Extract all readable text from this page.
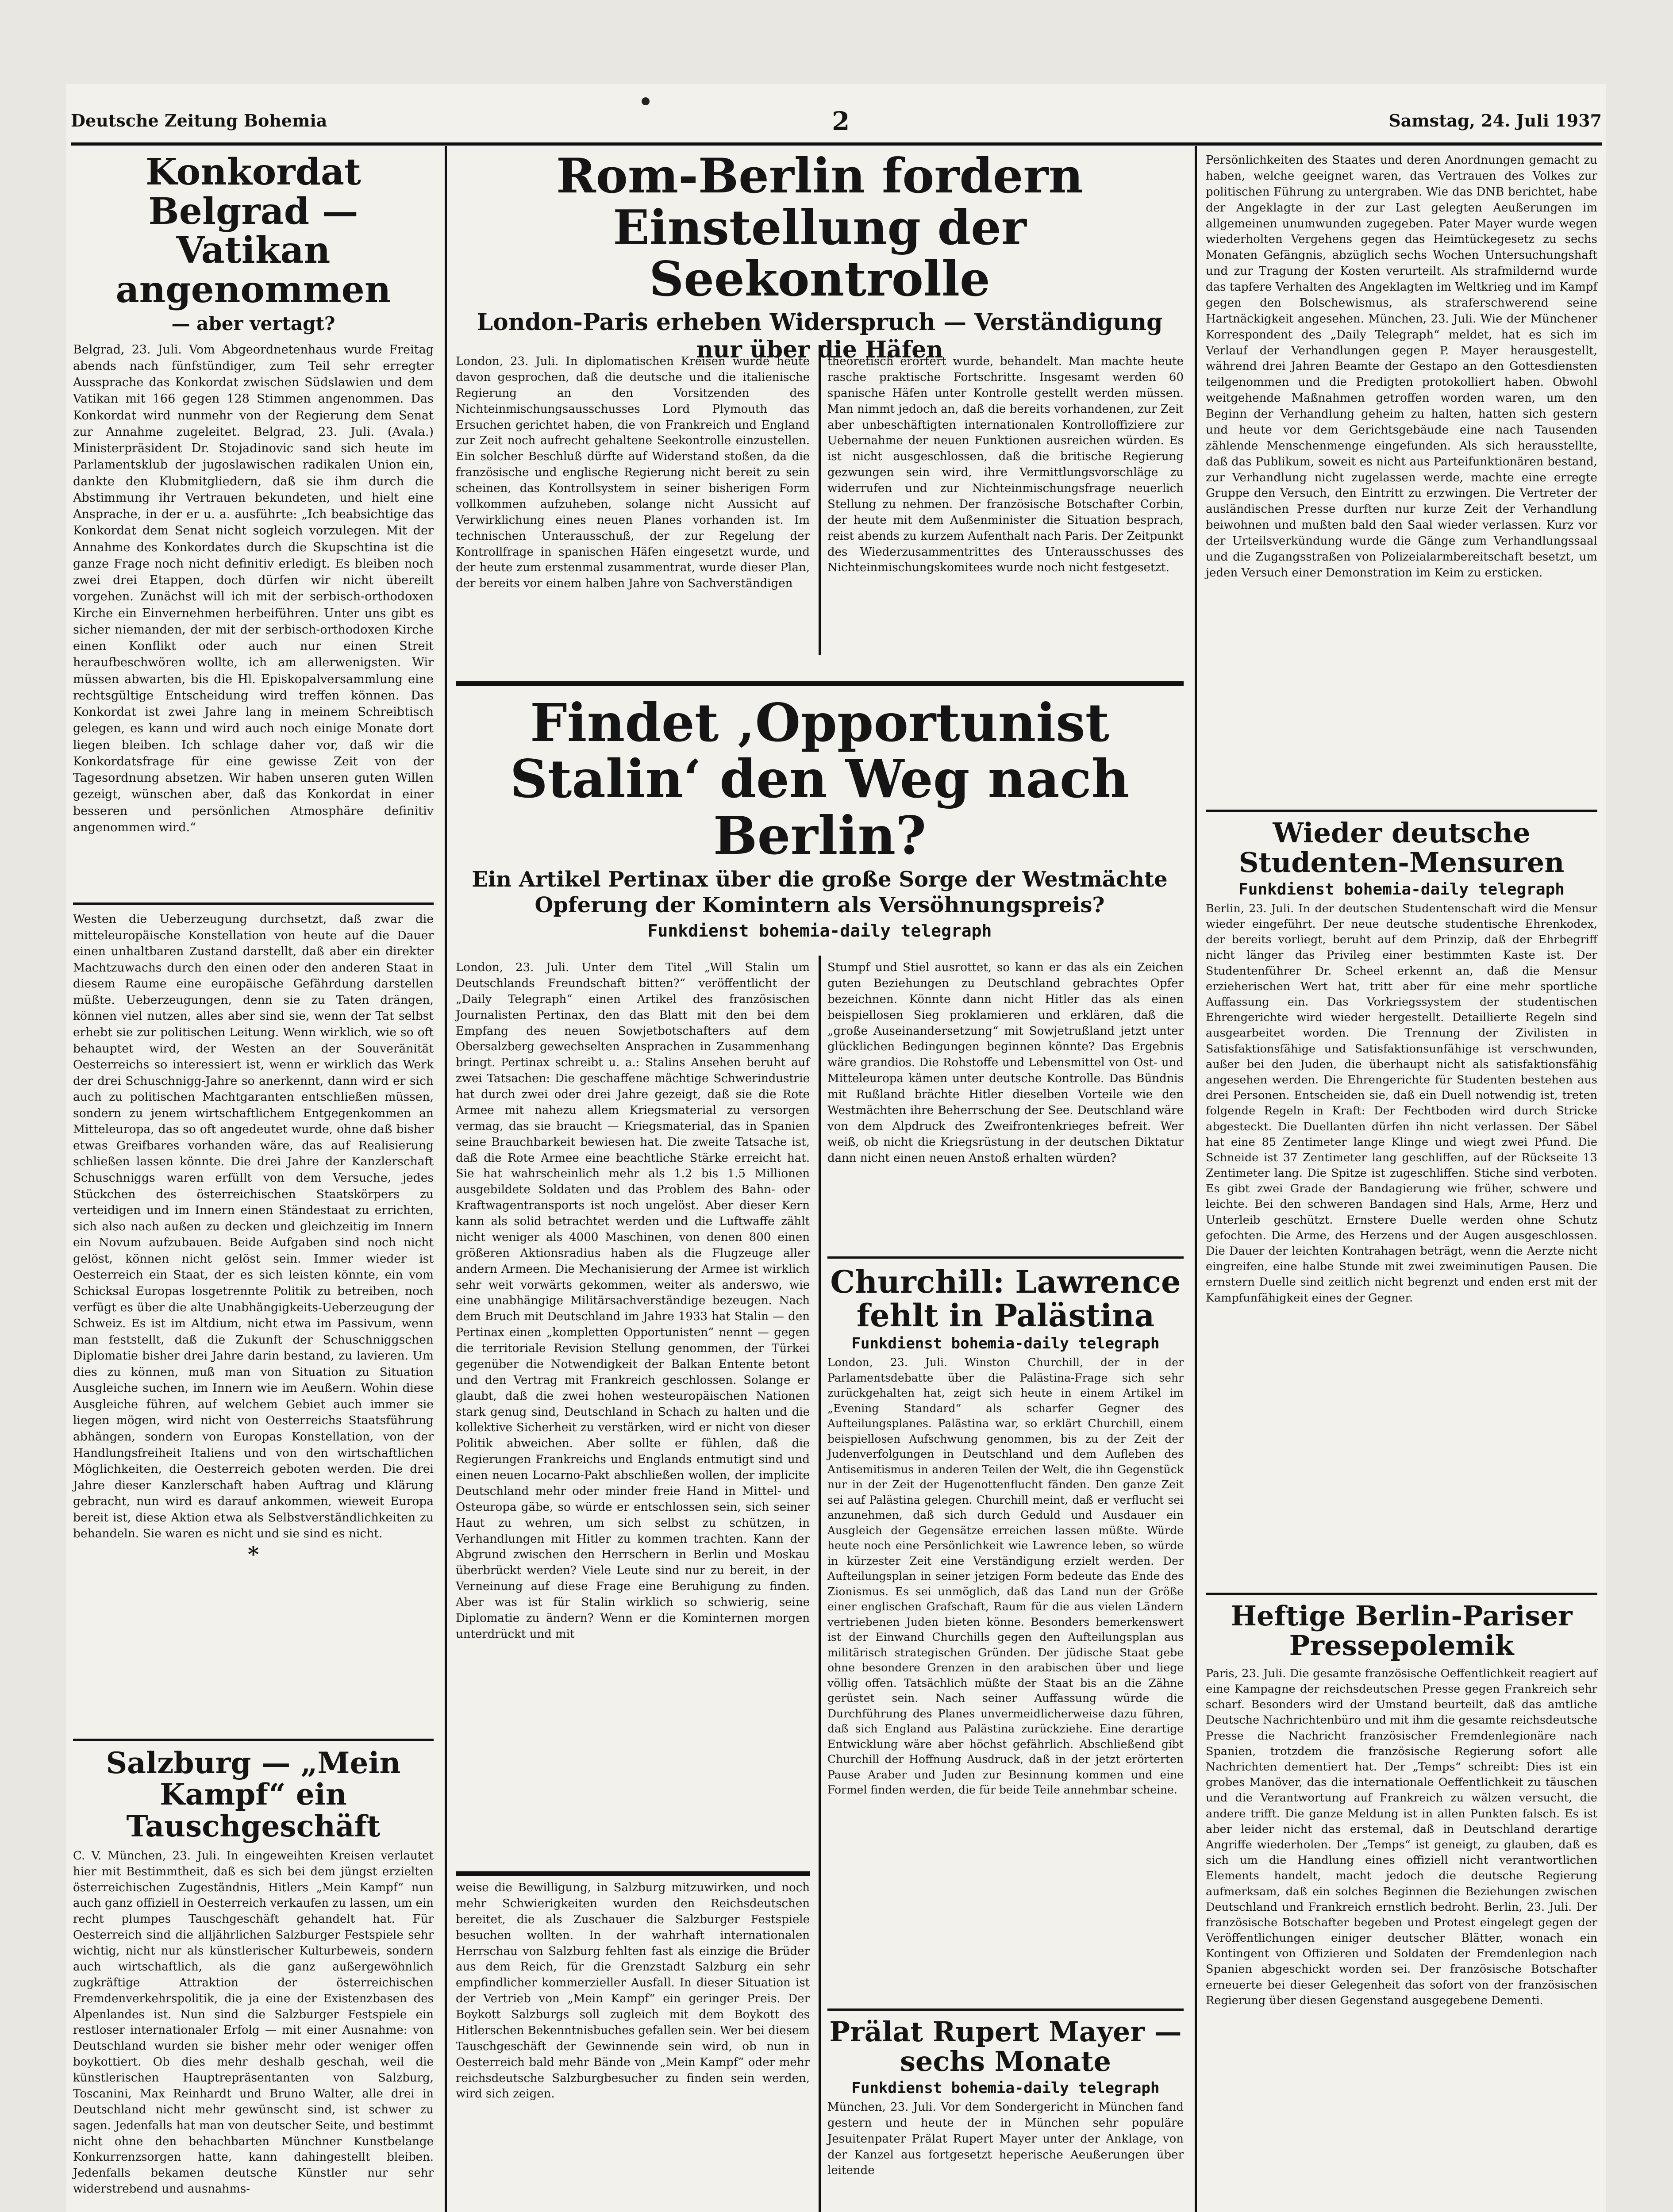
Deutsche Zeitung Bohemia	2	Samstag, 24. Juli 1937
Konkordat Belgrad — Vatikan angenommen
— aber vertagt?

Belgrad, 23. Juli. Vom Abgeordnetenhaus wurde Freitag abends nach fünfstündiger, zum Teil sehr erregter Aussprache das Konkordat zwischen Südslawien und dem Vatikan mit 166 gegen 128 Stimmen angenommen. Das Konkordat wird nunmehr von der Regierung dem Senat zur Annahme zugeleitet. Belgrad, 23. Juli. (Avala.) Ministerpräsident Dr. Stojadinovic sand sich heute im Parlamentsklub der jugoslawischen radikalen Union ein, dankte den Klubmitgliedern, daß sie ihm durch die Abstimmung ihr Vertrauen bekundeten, und hielt eine Ansprache, in der er u. a. ausführte: „Ich beabsichtige das Konkordat dem Senat nicht sogleich vorzulegen. Mit der Annahme des Konkordates durch die Skupschtina ist die ganze Frage noch nicht definitiv erledigt. Es bleiben noch zwei drei Etappen, doch dürfen wir nicht übereilt vorgehen. Zunächst will ich mit der serbisch-orthodoxen Kirche ein Einvernehmen herbeiführen. Unter uns gibt es sicher niemanden, der mit der serbisch-orthodoxen Kirche einen Konflikt oder auch nur einen Streit heraufbeschwören wollte, ich am allerwenigsten. Wir müssen abwarten, bis die Hl. Episkopalversammlung eine rechtsgültige Entscheidung wird treffen können. Das Konkordat ist zwei Jahre lang in meinem Schreibtisch gelegen, es kann und wird auch noch einige Monate dort liegen bleiben. Ich schlage daher vor, daß wir die Konkordatsfrage für eine gewisse Zeit von der Tagesordnung absetzen. Wir haben unseren guten Willen gezeigt, wünschen aber, daß das Konkordat in einer besseren und persönlichen Atmosphäre definitiv angenommen wird.“

Westen die Ueberzeugung durchsetzt, daß zwar die mitteleuropäische Konstellation von heute auf die Dauer einen unhaltbaren Zustand darstellt, daß aber ein direkter Machtzuwachs durch den einen oder den anderen Staat in diesem Raume eine europäische Gefährdung darstellen müßte. Ueberzeugungen, denn sie zu Taten drängen, können viel nutzen, alles aber sind sie, wenn der Tat selbst erhebt sie zur politischen Leitung. Wenn wirklich, wie so oft behauptet wird, der Westen an der Souveränität Oesterreichs so interessiert ist, wenn er wirklich das Werk der drei Schuschnigg-Jahre so anerkennt, dann wird er sich auch zu politischen Machtgaranten entschließen müssen, sondern zu jenem wirtschaftlichem Entgegenkommen an Mitteleuropa, das so oft angedeutet wurde, ohne daß bisher etwas Greifbares vorhanden wäre, das auf Realisierung schließen lassen könnte. Die drei Jahre der Kanzlerschaft Schuschniggs waren erfüllt von dem Versuche, jedes Stückchen des österreichischen Staatskörpers zu verteidigen und im Innern einen Ständestaat zu errichten, sich also nach außen zu decken und gleichzeitig im Innern ein Novum aufzubauen. Beide Aufgaben sind noch nicht gelöst, können nicht gelöst sein. Immer wieder ist Oesterreich ein Staat, der es sich leisten könnte, ein vom Schicksal Europas losgetrennte Politik zu betreiben, noch verfügt es über die alte Unabhängigkeits-Ueberzeugung der Schweiz. Es ist im Altdium, nicht etwa im Passivum, wenn man feststellt, daß die Zukunft der Schuschniggschen Diplomatie bisher drei Jahre darin bestand, zu lavieren. Um dies zu können, muß man von Situation zu Situation Ausgleiche suchen, im Innern wie im Aeußern. Wohin diese Ausgleiche führen, auf welchem Gebiet auch immer sie liegen mögen, wird nicht von Oesterreichs Staatsführung abhängen, sondern von Europas Konstellation, von der Handlungsfreiheit Italiens und von den wirtschaftlichen Möglichkeiten, die Oesterreich geboten werden. Die drei Jahre dieser Kanzlerschaft haben Auftrag und Klärung gebracht, nun wird es darauf ankommen, wieweit Europa bereit ist, diese Aktion etwa als Selbstverständlichkeiten zu behandeln. Sie waren es nicht und sie sind es nicht.

*
Salzburg — „Mein Kampf“ ein Tauschgeschäft

C. V. München, 23. Juli. In eingeweihten Kreisen verlautet hier mit Bestimmtheit, daß es sich bei dem jüngst erzielten österreichischen Zugeständnis, Hitlers „Mein Kampf“ nun auch ganz offiziell in Oesterreich verkaufen zu lassen, um ein recht plumpes Tauschgeschäft gehandelt hat. Für Oesterreich sind die alljährlichen Salzburger Festspiele sehr wichtig, nicht nur als künstlerischer Kulturbeweis, sondern auch wirtschaftlich, als die ganz außergewöhnlich zugkräftige Attraktion der österreichischen Fremdenverkehrspolitik, die ja eine der Existenzbasen des Alpenlandes ist. Nun sind die Salzburger Festspiele ein restloser internationaler Erfolg — mit einer Ausnahme: von Deutschland wurden sie bisher mehr oder weniger offen boykottiert. Ob dies mehr deshalb geschah, weil die künstlerischen Hauptrepräsentanten von Salzburg, Toscanini, Max Reinhardt und Bruno Walter, alle drei in Deutschland nicht mehr gewünscht sind, ist schwer zu sagen. Jedenfalls hat man von deutscher Seite, und bestimmt nicht ohne den behachbarten Münchner Kunstbelange Konkurrenzsorgen hatte, kann dahingestellt bleiben. Jedenfalls bekamen deutsche Künstler nur sehr widerstrebend und ausnahms-

Rom-Berlin fordern Einstellung der Seekontrolle
London-Paris erheben Widerspruch — Verständigung nur über die Häfen

London, 23. Juli. In diplomatischen Kreisen wurde heute davon gesprochen, daß die deutsche und die italienische Regierung an den Vorsitzenden des Nichteinmischungsausschusses Lord Plymouth das Ersuchen gerichtet haben, die von Frankreich und England zur Zeit noch aufrecht gehaltene Seekontrolle einzustellen. Ein solcher Beschluß dürfte auf Widerstand stoßen, da die französische und englische Regierung nicht bereit zu sein scheinen, das Kontrollsystem in seiner bisherigen Form vollkommen aufzuheben, solange nicht Aussicht auf Verwirklichung eines neuen Planes vorhanden ist. Im technischen Unterausschuß, der zur Regelung der Kontrollfrage in spanischen Häfen eingesetzt wurde, und der heute zum erstenmal zusammentrat, wurde dieser Plan, der bereits vor einem halben Jahre von Sachverständigen

theoretisch erörtert wurde, behandelt. Man machte heute rasche praktische Fortschritte. Insgesamt werden 60 spanische Häfen unter Kontrolle gestellt werden müssen. Man nimmt jedoch an, daß die bereits vorhandenen, zur Zeit aber unbeschäftigten internationalen Kontrolloffiziere zur Uebernahme der neuen Funktionen ausreichen würden. Es ist nicht ausgeschlossen, daß die britische Regierung gezwungen sein wird, ihre Vermittlungsvorschläge zu widerrufen und zur Nichteinmischungsfrage neuerlich Stellung zu nehmen. Der französische Botschafter Corbin, der heute mit dem Außenminister die Situation besprach, reist abends zu kurzem Aufenthalt nach Paris. Der Zeitpunkt des Wiederzusammentrittes des Unterausschusses des Nichteinmischungskomitees wurde noch nicht festgesetzt.

Findet ‚Opportunist Stalin‘ den Weg nach Berlin?
Ein Artikel Pertinax über die große Sorge der Westmächte Opferung der Komintern als Versöhnungspreis?
Funkdienst bohemia-daily telegraph

London, 23. Juli. Unter dem Titel „Will Stalin um Deutschlands Freundschaft bitten?“ veröffentlicht der „Daily Telegraph“ einen Artikel des französischen Journalisten Pertinax, den das Blatt mit den bei dem Empfang des neuen Sowjetbotschafters auf dem Obersalzberg gewechselten Ansprachen in Zusammenhang bringt. Pertinax schreibt u. a.: Stalins Ansehen beruht auf zwei Tatsachen: Die geschaffene mächtige Schwerindustrie hat durch zwei oder drei Jahre gezeigt, daß sie die Rote Armee mit nahezu allem Kriegsmaterial zu versorgen vermag, das sie braucht — Kriegsmaterial, das in Spanien seine Brauchbarkeit bewiesen hat. Die zweite Tatsache ist, daß die Rote Armee eine beachtliche Stärke erreicht hat. Sie hat wahrscheinlich mehr als 1.2 bis 1.5 Millionen ausgebildete Soldaten und das Problem des Bahn- oder Kraftwagentransports ist noch ungelöst. Aber dieser Kern kann als solid betrachtet werden und die Luftwaffe zählt nicht weniger als 4000 Maschinen, von denen 800 einen größeren Aktionsradius haben als die Flugzeuge aller andern Armeen. Die Mechanisierung der Armee ist wirklich sehr weit vorwärts gekommen, weiter als anderswo, wie eine unabhängige Militärsachverständige bezeugen. Nach dem Bruch mit Deutschland im Jahre 1933 hat Stalin — den Pertinax einen „kompletten Opportunisten“ nennt — gegen die territoriale Revision Stellung genommen, der Türkei gegenüber die Notwendigkeit der Balkan Entente betont und den Vertrag mit Frankreich geschlossen. Solange er glaubt, daß die zwei hohen westeuropäischen Nationen stark genug sind, Deutschland in Schach zu halten und die kollektive Sicherheit zu verstärken, wird er nicht von dieser Politik abweichen. Aber sollte er fühlen, daß die Regierungen Frankreichs und Englands entmutigt sind und einen neuen Locarno-Pakt abschließen wollen, der implicite Deutschland mehr oder minder freie Hand in Mittel- und Osteuropa gäbe, so würde er entschlossen sein, sich seiner Haut zu wehren, um sich selbst zu schützen, in Verhandlungen mit Hitler zu kommen trachten. Kann der Abgrund zwischen den Herrschern in Berlin und Moskau überbrückt werden? Viele Leute sind nur zu bereit, in der Verneinung auf diese Frage eine Beruhigung zu finden. Aber was ist für Stalin wirklich so schwierig, seine Diplomatie zu ändern? Wenn er die Kominternen morgen unterdrückt und mit

Stumpf und Stiel ausrottet, so kann er das als ein Zeichen guten Beziehungen zu Deutschland gebrachtes Opfer bezeichnen. Könnte dann nicht Hitler das als einen beispiellosen Sieg proklamieren und erklären, daß die „große Auseinandersetzung“ mit Sowjetrußland jetzt unter glücklichen Bedingungen beginnen könnte? Das Ergebnis wäre grandios. Die Rohstoffe und Lebensmittel von Ost- und Mitteleuropa kämen unter deutsche Kontrolle. Das Bündnis mit Rußland brächte Hitler dieselben Vorteile wie den Westmächten ihre Beherrschung der See. Deutschland wäre von dem Alpdruck des Zweifrontenkrieges befreit. Wer weiß, ob nicht die Kriegsrüstung in der deutschen Diktatur dann nicht einen neuen Anstoß erhalten würden?

Churchill: Lawrence fehlt in Palästina
Funkdienst bohemia-daily telegraph

London, 23. Juli. Winston Churchill, der in der Parlamentsdebatte über die Palästina-Frage sich sehr zurückgehalten hat, zeigt sich heute in einem Artikel im „Evening Standard“ als scharfer Gegner des Aufteilungsplanes. Palästina war, so erklärt Churchill, einem beispiellosen Aufschwung genommen, bis zu der Zeit der Judenverfolgungen in Deutschland und dem Aufleben des Antisemitismus in anderen Teilen der Welt, die ihn Gegenstück nur in der Zeit der Hugenottenflucht fänden. Den ganze Zeit sei auf Palästina gelegen. Churchill meint, daß er verflucht sei anzunehmen, daß sich durch Geduld und Ausdauer ein Ausgleich der Gegensätze erreichen lassen müßte. Würde heute noch eine Persönlichkeit wie Lawrence leben, so würde in kürzester Zeit eine Verständigung erzielt werden. Der Aufteilungsplan in seiner jetzigen Form bedeute das Ende des Zionismus. Es sei unmöglich, daß das Land nun der Größe einer englischen Grafschaft, Raum für die aus vielen Ländern vertriebenen Juden bieten könne. Besonders bemerkenswert ist der Einwand Churchills gegen den Aufteilungsplan aus militärisch strategischen Gründen. Der jüdische Staat gebe ohne besondere Grenzen in den arabischen über und liege völlig offen. Tatsächlich müßte der Staat bis an die Zähne gerüstet sein. Nach seiner Auffassung würde die Durchführung des Planes unvermeidlicherweise dazu führen, daß sich England aus Palästina zurückziehe. Eine derartige Entwicklung wäre aber höchst gefährlich. Abschließend gibt Churchill der Hoffnung Ausdruck, daß in der jetzt erörterten Pause Araber und Juden zur Besinnung kommen und eine Formel finden werden, die für beide Teile annehmbar scheine.

weise die Bewilligung, in Salzburg mitzuwirken, und noch mehr Schwierigkeiten wurden den Reichsdeutschen bereitet, die als Zuschauer die Salzburger Festspiele besuchen wollten. In der wahrhaft internationalen Herrschau von Salzburg fehlten fast als einzige die Brüder aus dem Reich, für die Grenzstadt Salzburg ein sehr empfindlicher kommerzieller Ausfall. In dieser Situation ist der Vertrieb von „Mein Kampf“ ein geringer Preis. Der Boykott Salzburgs soll zugleich mit dem Boykott des Hitlerschen Bekenntnisbuches gefallen sein. Wer bei diesem Tauschgeschäft der Gewinnende sein wird, ob nun in Oesterreich bald mehr Bände von „Mein Kampf“ oder mehr reichsdeutsche Salzburgbesucher zu finden sein werden, wird sich zeigen.

Prälat Rupert Mayer — sechs Monate
Funkdienst bohemia-daily telegraph

München, 23. Juli. Vor dem Sondergericht in München fand gestern und heute der in München sehr populäre Jesuitenpater Prälat Rupert Mayer unter der Anklage, von der Kanzel aus fortgesetzt heperische Aeußerungen über leitende

Persönlichkeiten des Staates und deren Anordnungen gemacht zu haben, welche geeignet waren, das Vertrauen des Volkes zur politischen Führung zu untergraben. Wie das DNB berichtet, habe der Angeklagte in der zur Last gelegten Aeußerungen im allgemeinen unumwunden zugegeben. Pater Mayer wurde wegen wiederholten Vergehens gegen das Heimtückegesetz zu sechs Monaten Gefängnis, abzüglich sechs Wochen Untersuchungshaft und zur Tragung der Kosten verurteilt. Als strafmildernd wurde das tapfere Verhalten des Angeklagten im Weltkrieg und im Kampf gegen den Bolschewismus, als straferschwerend seine Hartnäckigkeit angesehen. München, 23. Juli. Wie der Münchener Korrespondent des „Daily Telegraph“ meldet, hat es sich im Verlauf der Verhandlungen gegen P. Mayer herausgestellt, während drei Jahren Beamte der Gestapo an den Gottesdiensten teilgenommen und die Predigten protokolliert haben. Obwohl weitgehende Maßnahmen getroffen worden waren, um den Beginn der Verhandlung geheim zu halten, hatten sich gestern und heute vor dem Gerichtsgebäude eine nach Tausenden zählende Menschenmenge eingefunden. Als sich herausstellte, daß das Publikum, soweit es nicht aus Parteifunktionären bestand, zur Verhandlung nicht zugelassen werde, machte eine erregte Gruppe den Versuch, den Eintritt zu erzwingen. Die Vertreter der ausländischen Presse durften nur kurze Zeit der Verhandlung beiwohnen und mußten bald den Saal wieder verlassen. Kurz vor der Urteilsverkündung wurde die Gänge zum Verhandlungssaal und die Zugangsstraßen von Polizeialarmbereitschaft besetzt, um jeden Versuch einer Demonstration im Keim zu ersticken.

Wieder deutsche Studenten-Mensuren
Funkdienst bohemia-daily telegraph

Berlin, 23. Juli. In der deutschen Studentenschaft wird die Mensur wieder eingeführt. Der neue deutsche studentische Ehrenkodex, der bereits vorliegt, beruht auf dem Prinzip, daß der Ehrbegriff nicht länger das Privileg einer bestimmten Kaste ist. Der Studentenführer Dr. Scheel erkennt an, daß die Mensur erzieherischen Wert hat, tritt aber für eine mehr sportliche Auffassung ein. Das Vorkriegssystem der studentischen Ehrengerichte wird wieder hergestellt. Detaillierte Regeln sind ausgearbeitet worden. Die Trennung der Zivilisten in Satisfaktionsfähige und Satisfaktionsunfähige ist verschwunden, außer bei den Juden, die überhaupt nicht als satisfaktionsfähig angesehen werden. Die Ehrengerichte für Studenten bestehen aus drei Personen. Entscheiden sie, daß ein Duell notwendig ist, treten folgende Regeln in Kraft: Der Fechtboden wird durch Stricke abgesteckt. Die Duellanten dürfen ihn nicht verlassen. Der Säbel hat eine 85 Zentimeter lange Klinge und wiegt zwei Pfund. Die Schneide ist 37 Zentimeter lang geschliffen, auf der Rückseite 13 Zentimeter lang. Die Spitze ist zugeschliffen. Stiche sind verboten. Es gibt zwei Grade der Bandagierung wie früher, schwere und leichte. Bei den schweren Bandagen sind Hals, Arme, Herz und Unterleib geschützt. Ernstere Duelle werden ohne Schutz gefochten. Die Arme, des Herzens und der Augen ausgeschlossen. Die Dauer der leichten Kontrahagen beträgt, wenn die Aerzte nicht eingreifen, eine halbe Stunde mit zwei zweiminutigen Pausen. Die ernstern Duelle sind zeitlich nicht begrenzt und enden erst mit der Kampfunfähigkeit eines der Gegner.

Heftige Berlin-Pariser Pressepolemik

Paris, 23. Juli. Die gesamte französische Oeffentlichkeit reagiert auf eine Kampagne der reichsdeutschen Presse gegen Frankreich sehr scharf. Besonders wird der Umstand beurteilt, daß das amtliche Deutsche Nachrichtenbüro und mit ihm die gesamte reichsdeutsche Presse die Nachricht französischer Fremdenlegionäre nach Spanien, trotzdem die französische Regierung sofort alle Nachrichten dementiert hat. Der „Temps“ schreibt: Dies ist ein grobes Manöver, das die internationale Oeffentlichkeit zu täuschen und die Verantwortung auf Frankreich zu wälzen versucht, die andere trifft. Die ganze Meldung ist in allen Punkten falsch. Es ist aber leider nicht das erstemal, daß in Deutschland derartige Angriffe wiederholen. Der „Temps“ ist geneigt, zu glauben, daß es sich um die Handlung eines offiziell nicht verantwortlichen Elements handelt, macht jedoch die deutsche Regierung aufmerksam, daß ein solches Beginnen die Beziehungen zwischen Deutschland und Frankreich ernstlich bedroht. Berlin, 23. Juli. Der französische Botschafter begeben und Protest eingelegt gegen der Veröffentlichungen einiger deutscher Blätter, wonach ein Kontingent von Offizieren und Soldaten der Fremdenlegion nach Spanien abgeschickt worden sei. Der französische Botschafter erneuerte bei dieser Gelegenheit das sofort von der französischen Regierung über diesen Gegenstand ausgegebene Dementi.
